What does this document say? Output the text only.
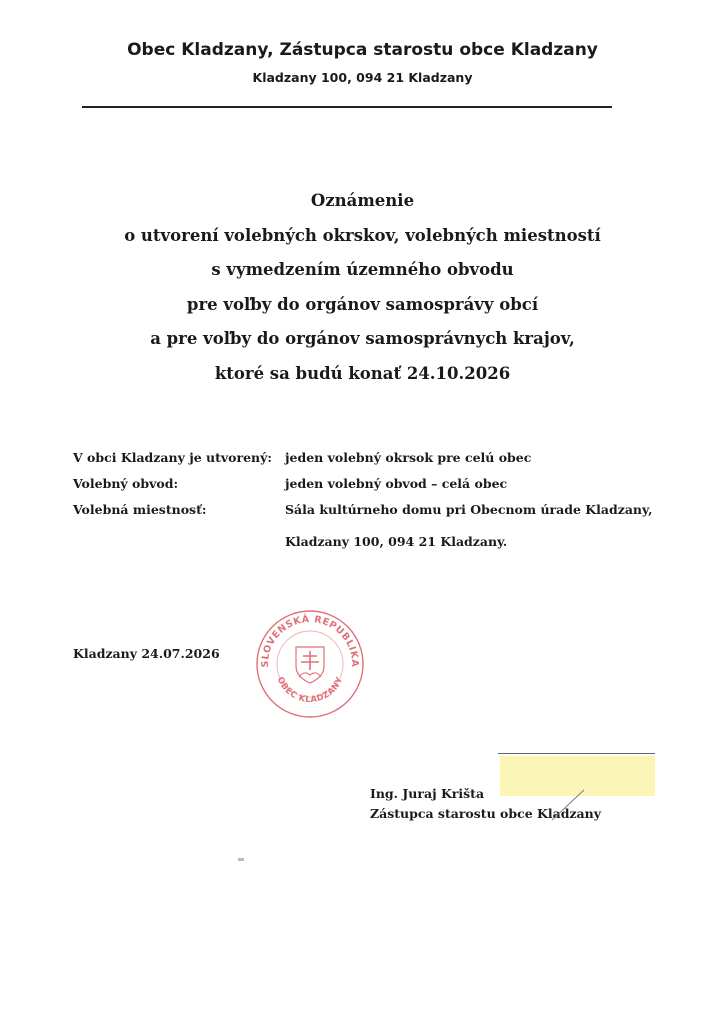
Obec Kladzany, Zástupca starostu obce Kladzany
Kladzany 100, 094 21 Kladzany
Oznámenie
o utvorení volebných okrskov, volebných miestností
s vymedzením územného obvodu
pre voľby do orgánov samosprávy obcí
a pre voľby do orgánov samosprávnych krajov,
ktoré sa budú konať 24.10.2026
V obci Kladzany je utvorený: jeden volebný okrsok pre celú obec
Volebný obvod:	jeden volebný obvod – celá obec
Volebná miestnosť:	Sála kultúrneho domu pri Obecnom úrade Kladzany,
Kladzany 100, 094 21 Kladzany.
Kladzany 24.07.2026
SLOVENSKÁ REPUBLIKA
OBEC KLADZANY
Ing. Juraj Krišta
Zástupca starostu obce Kladzany
